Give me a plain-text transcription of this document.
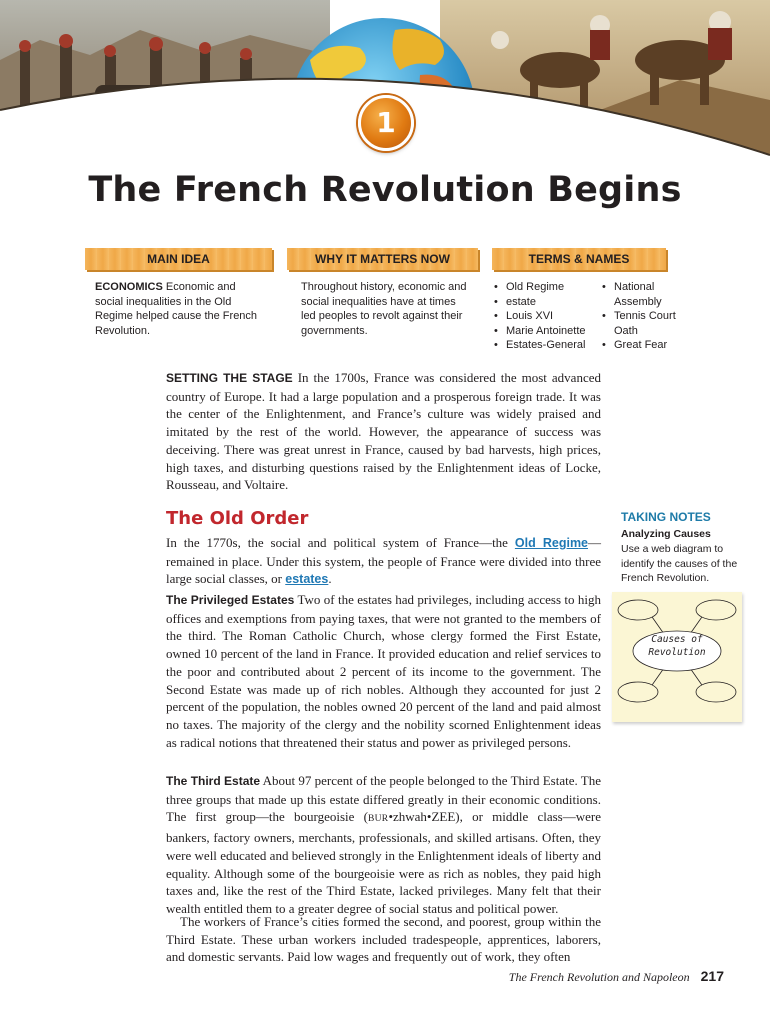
1
The French Revolution Begins
MAIN IDEA	WHY IT MATTERS NOW	TERMS & NAMES
ECONOMICS Economic and social inequalities in the Old Regime helped cause the French Revolution.
Throughout history, economic and social inequalities have at times led peoples to revolt against their governments.
• Old Regime
• estate
• Louis XVI
• Marie Antoinette
• Estates-General
• National Assembly
• Tennis Court Oath
• Great Fear

SETTING THE STAGE In the 1700s, France was considered the most advanced country of Europe. It had a large population and a prosperous foreign trade. It was the center of the Enlightenment, and France’s culture was widely praised and imitated by the rest of the world. However, the appearance of success was deceiving. There was great unrest in France, caused by bad harvests, high prices, high taxes, and disturbing questions raised by the Enlightenment ideas of Locke, Rousseau, and Voltaire.

The Old Order

In the 1770s, the social and political system of France—the Old Regime— remained in place. Under this system, the people of France were divided into three large social classes, or estates.

The Privileged Estates Two of the estates had privileges, including access to high offices and exemptions from paying taxes, that were not granted to the members of the third. The Roman Catholic Church, whose clergy formed the First Estate, owned 10 percent of the land in France. It provided education and relief services to the poor and contributed about 2 percent of its income to the government. The Second Estate was made up of rich nobles. Although they accounted for just 2 percent of the population, the nobles owned 20 percent of the land and paid almost no taxes. The majority of the clergy and the nobility scorned Enlightenment ideas as radical notions that threatened their status and power as privileged persons.

The Third Estate About 97 percent of the people belonged to the Third Estate. The three groups that made up this estate differed greatly in their economic conditions. The first group—the bourgeoisie (BUR•zhwah•ZEE), or middle class—were bankers, factory owners, merchants, professionals, and skilled artisans. Often, they were well educated and believed strongly in the Enlightenment ideals of liberty and equality. Although some of the bourgeoisie were as rich as nobles, they paid high taxes and, like the rest of the Third Estate, lacked privileges. Many felt that their wealth entitled them to a greater degree of social status and political power.

The workers of France’s cities formed the second, and poorest, group within the Third Estate. These urban workers included tradespeople, apprentices, laborers, and domestic servants. Paid low wages and frequently out of work, they often

TAKING NOTES
Analyzing Causes
Use a web diagram to identify the causes of the French Revolution.
Causes of
Revolution
The French Revolution and Napoleon 217
